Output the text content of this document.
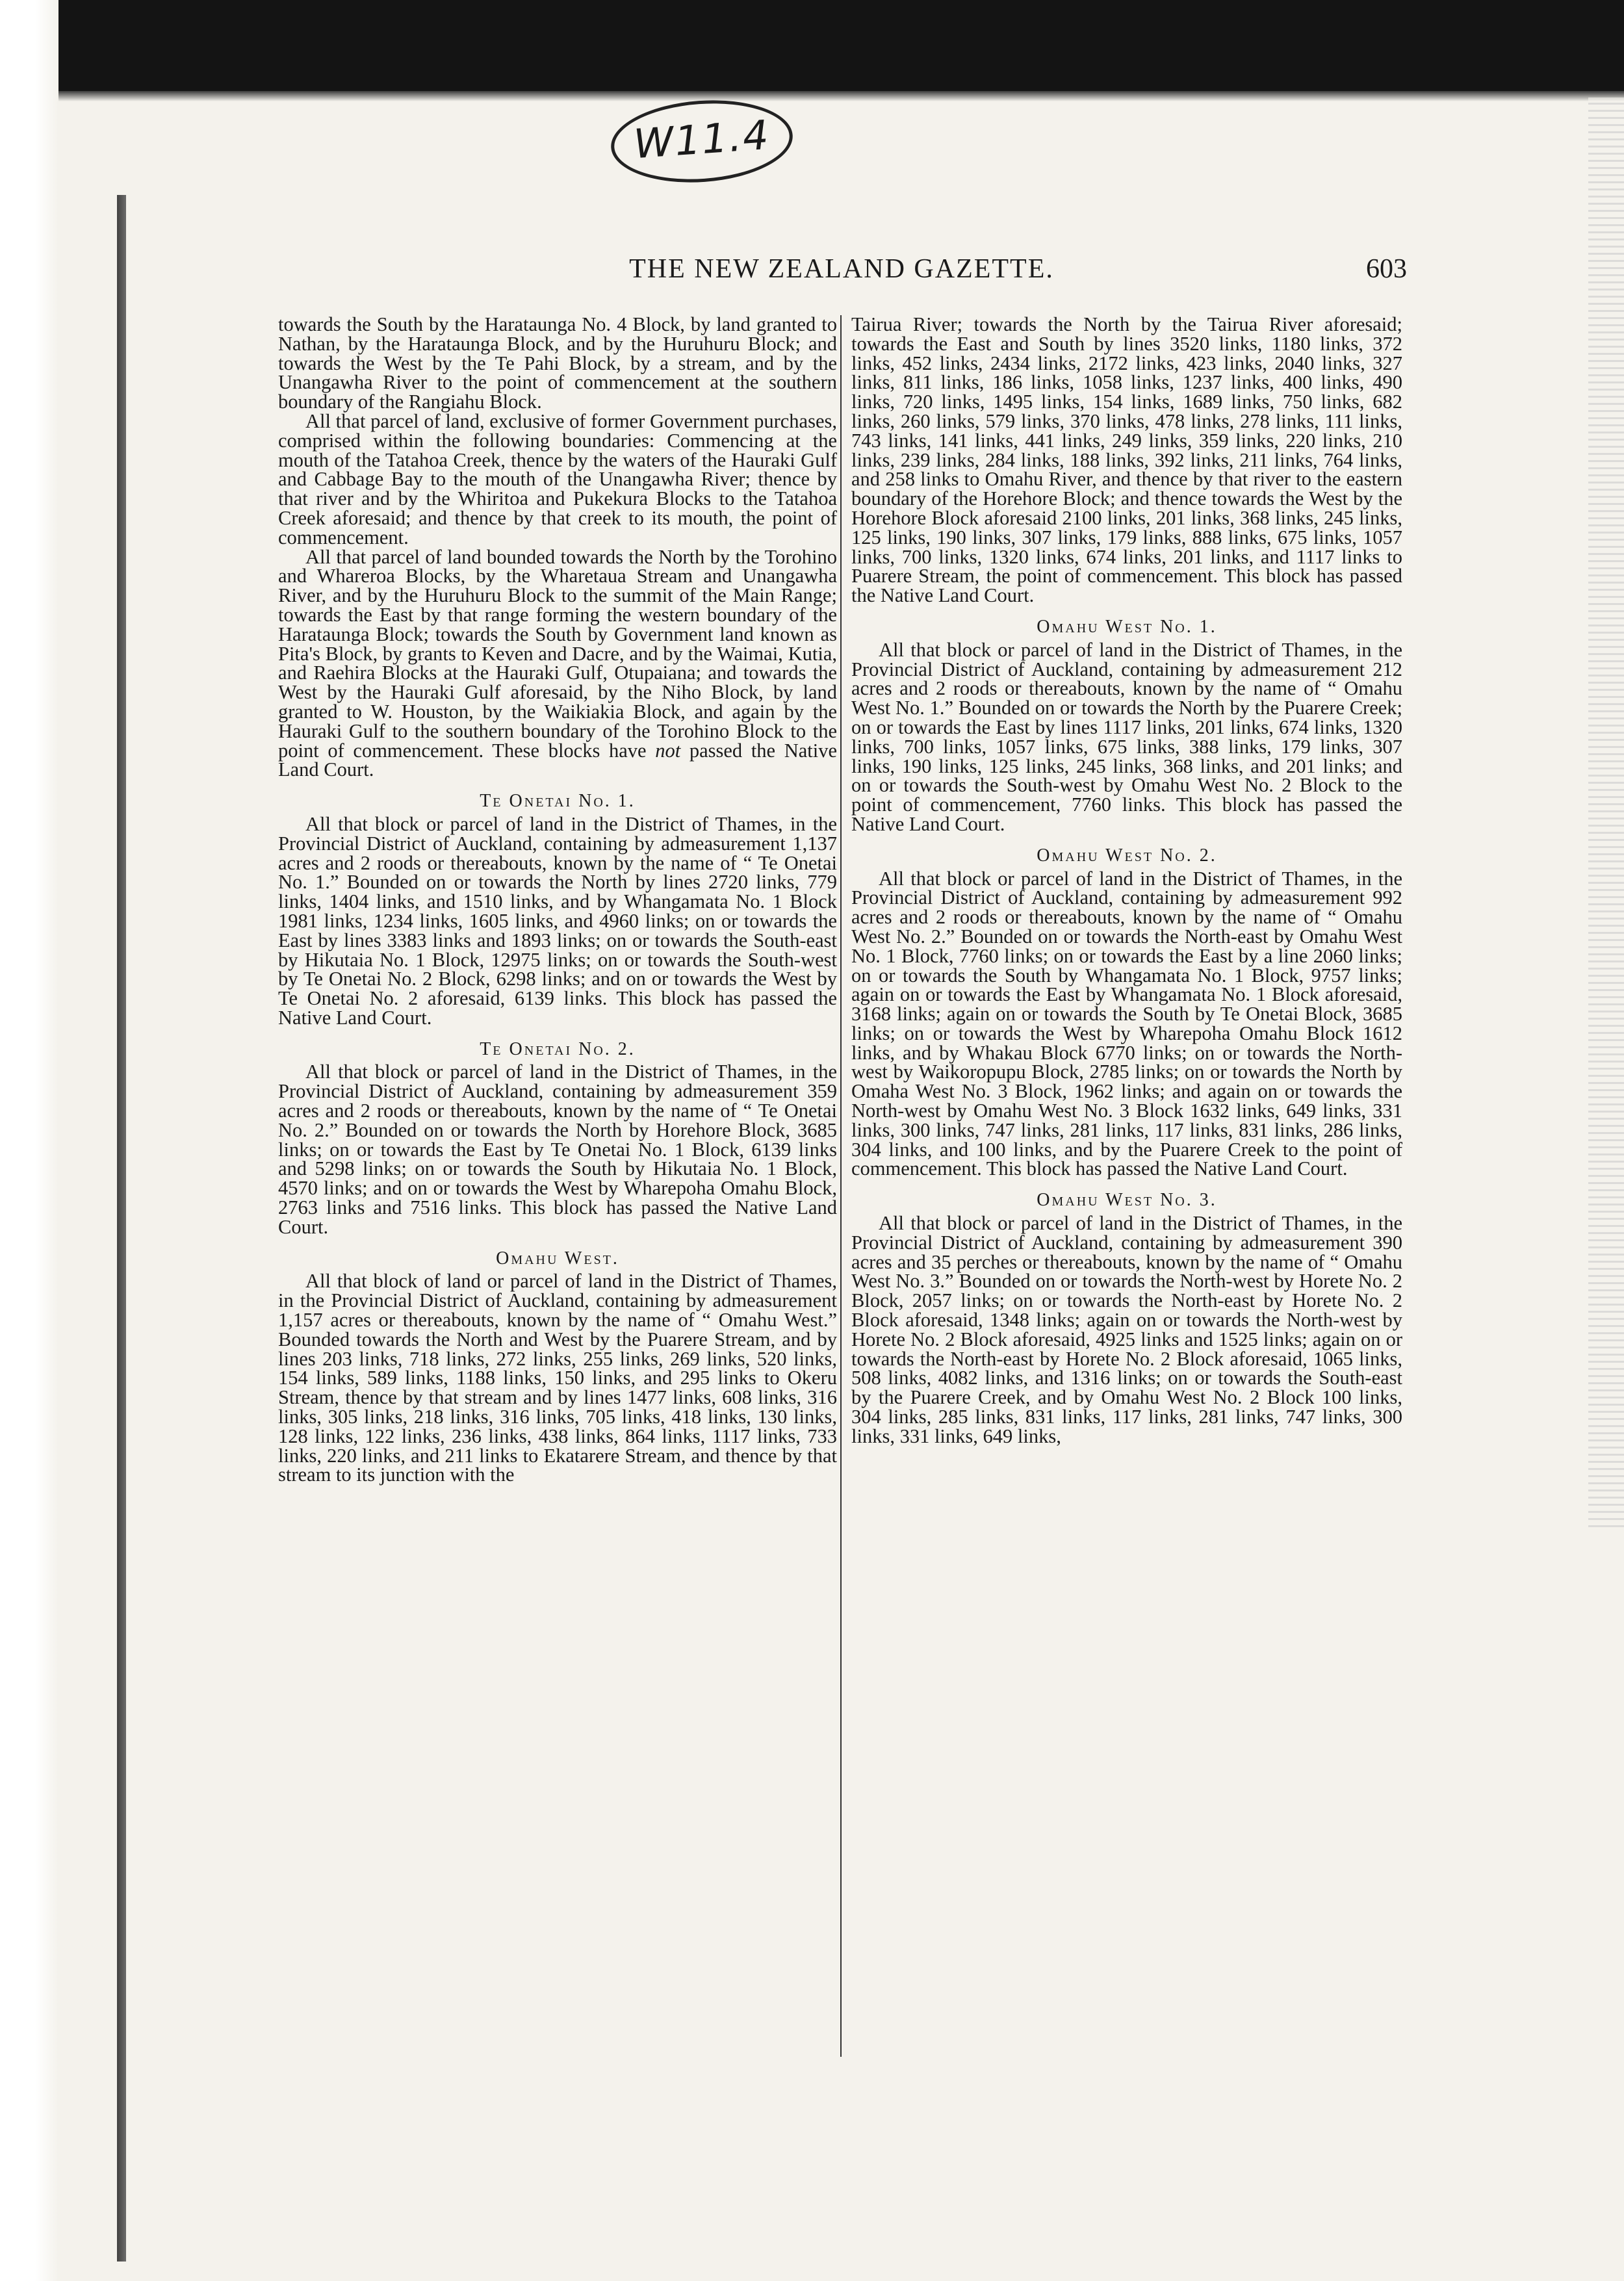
W11.4
THE NEW ZEALAND GAZETTE.	603

towards the South by the Harataunga No. 4 Block, by land granted to Nathan, by the Harataunga Block, and by the Huruhuru Block; and towards the West by the Te Pahi Block, by a stream, and by the Unangawha River to the point of commencement at the southern boundary of the Rangiahu Block.

All that parcel of land, exclusive of former Government purchases, comprised within the following boundaries: Commencing at the mouth of the Tatahoa Creek, thence by the waters of the Hauraki Gulf and Cabbage Bay to the mouth of the Unangawha River; thence by that river and by the Whiritoa and Pukekura Blocks to the Tatahoa Creek aforesaid; and thence by that creek to its mouth, the point of commencement.

All that parcel of land bounded towards the North by the Torohino and Whareroa Blocks, by the Wharetaua Stream and Unangawha River, and by the Huruhuru Block to the summit of the Main Range; towards the East by that range forming the western boundary of the Harataunga Block; towards the South by Government land known as Pita's Block, by grants to Keven and Dacre, and by the Waimai, Kutia, and Raehira Blocks at the Hauraki Gulf, Otupaiana; and towards the West by the Hauraki Gulf aforesaid, by the Niho Block, by land granted to W. Houston, by the Waikiakia Block, and again by the Hauraki Gulf to the southern boundary of the Torohino Block to the point of commencement. These blocks have not passed the Native Land Court.

Te Onetai No. 1.

All that block or parcel of land in the District of Thames, in the Provincial District of Auckland, containing by admeasurement 1,137 acres and 2 roods or thereabouts, known by the name of “ Te Onetai No. 1.” Bounded on or towards the North by lines 2720 links, 779 links, 1404 links, and 1510 links, and by Whangamata No. 1 Block 1981 links, 1234 links, 1605 links, and 4960 links; on or towards the East by lines 3383 links and 1893 links; on or towards the South-east by Hikutaia No. 1 Block, 12975 links; on or towards the South-west by Te Onetai No. 2 Block, 6298 links; and on or towards the West by Te Onetai No. 2 aforesaid, 6139 links. This block has passed the Native Land Court.

Te Onetai No. 2.

All that block or parcel of land in the District of Thames, in the Provincial District of Auckland, containing by admeasurement 359 acres and 2 roods or thereabouts, known by the name of “ Te Onetai No. 2.” Bounded on or towards the North by Horehore Block, 3685 links; on or towards the East by Te Onetai No. 1 Block, 6139 links and 5298 links; on or towards the South by Hikutaia No. 1 Block, 4570 links; and on or towards the West by Wharepoha Omahu Block, 2763 links and 7516 links. This block has passed the Native Land Court.

Omahu West.

All that block of land or parcel of land in the District of Thames, in the Provincial District of Auckland, containing by admeasurement 1,157 acres or thereabouts, known by the name of “ Omahu West.” Bounded towards the North and West by the Puarere Stream, and by lines 203 links, 718 links, 272 links, 255 links, 269 links, 520 links, 154 links, 589 links, 1188 links, 150 links, and 295 links to Okeru Stream, thence by that stream and by lines 1477 links, 608 links, 316 links, 305 links, 218 links, 316 links, 705 links, 418 links, 130 links, 128 links, 122 links, 236 links, 438 links, 864 links, 1117 links, 733 links, 220 links, and 211 links to Ekatarere Stream, and thence by that stream to its junction with the

Tairua River; towards the North by the Tairua River aforesaid; towards the East and South by lines 3520 links, 1180 links, 372 links, 452 links, 2434 links, 2172 links, 423 links, 2040 links, 327 links, 811 links, 186 links, 1058 links, 1237 links, 400 links, 490 links, 720 links, 1495 links, 154 links, 1689 links, 750 links, 682 links, 260 links, 579 links, 370 links, 478 links, 278 links, 111 links, 743 links, 141 links, 441 links, 249 links, 359 links, 220 links, 210 links, 239 links, 284 links, 188 links, 392 links, 211 links, 764 links, and 258 links to Omahu River, and thence by that river to the eastern boundary of the Horehore Block; and thence towards the West by the Horehore Block aforesaid 2100 links, 201 links, 368 links, 245 links, 125 links, 190 links, 307 links, 179 links, 888 links, 675 links, 1057 links, 700 links, 1320 links, 674 links, 201 links, and 1117 links to Puarere Stream, the point of commencement. This block has passed the Native Land Court.

Omahu West No. 1.

All that block or parcel of land in the District of Thames, in the Provincial District of Auckland, containing by admeasurement 212 acres and 2 roods or thereabouts, known by the name of “ Omahu West No. 1.” Bounded on or towards the North by the Puarere Creek; on or towards the East by lines 1117 links, 201 links, 674 links, 1320 links, 700 links, 1057 links, 675 links, 388 links, 179 links, 307 links, 190 links, 125 links, 245 links, 368 links, and 201 links; and on or towards the South-west by Omahu West No. 2 Block to the point of commencement, 7760 links. This block has passed the Native Land Court.

Omahu West No. 2.

All that block or parcel of land in the District of Thames, in the Provincial District of Auckland, containing by admeasurement 992 acres and 2 roods or thereabouts, known by the name of “ Omahu West No. 2.” Bounded on or towards the North-east by Omahu West No. 1 Block, 7760 links; on or towards the East by a line 2060 links; on or towards the South by Whangamata No. 1 Block, 9757 links; again on or towards the East by Whangamata No. 1 Block aforesaid, 3168 links; again on or towards the South by Te Onetai Block, 3685 links; on or towards the West by Wharepoha Omahu Block 1612 links, and by Whakau Block 6770 links; on or towards the North-west by Waikoropupu Block, 2785 links; on or towards the North by Omaha West No. 3 Block, 1962 links; and again on or towards the North-west by Omahu West No. 3 Block 1632 links, 649 links, 331 links, 300 links, 747 links, 281 links, 117 links, 831 links, 286 links, 304 links, and 100 links, and by the Puarere Creek to the point of commencement. This block has passed the Native Land Court.

Omahu West No. 3.

All that block or parcel of land in the District of Thames, in the Provincial District of Auckland, containing by admeasurement 390 acres and 35 perches or thereabouts, known by the name of “ Omahu West No. 3.” Bounded on or towards the North-west by Horete No. 2 Block, 2057 links; on or towards the North-east by Horete No. 2 Block aforesaid, 1348 links; again on or towards the North-west by Horete No. 2 Block aforesaid, 4925 links and 1525 links; again on or towards the North-east by Horete No. 2 Block aforesaid, 1065 links, 508 links, 4082 links, and 1316 links; on or towards the South-east by the Puarere Creek, and by Omahu West No. 2 Block 100 links, 304 links, 285 links, 831 links, 117 links, 281 links, 747 links, 300 links, 331 links, 649 links,
